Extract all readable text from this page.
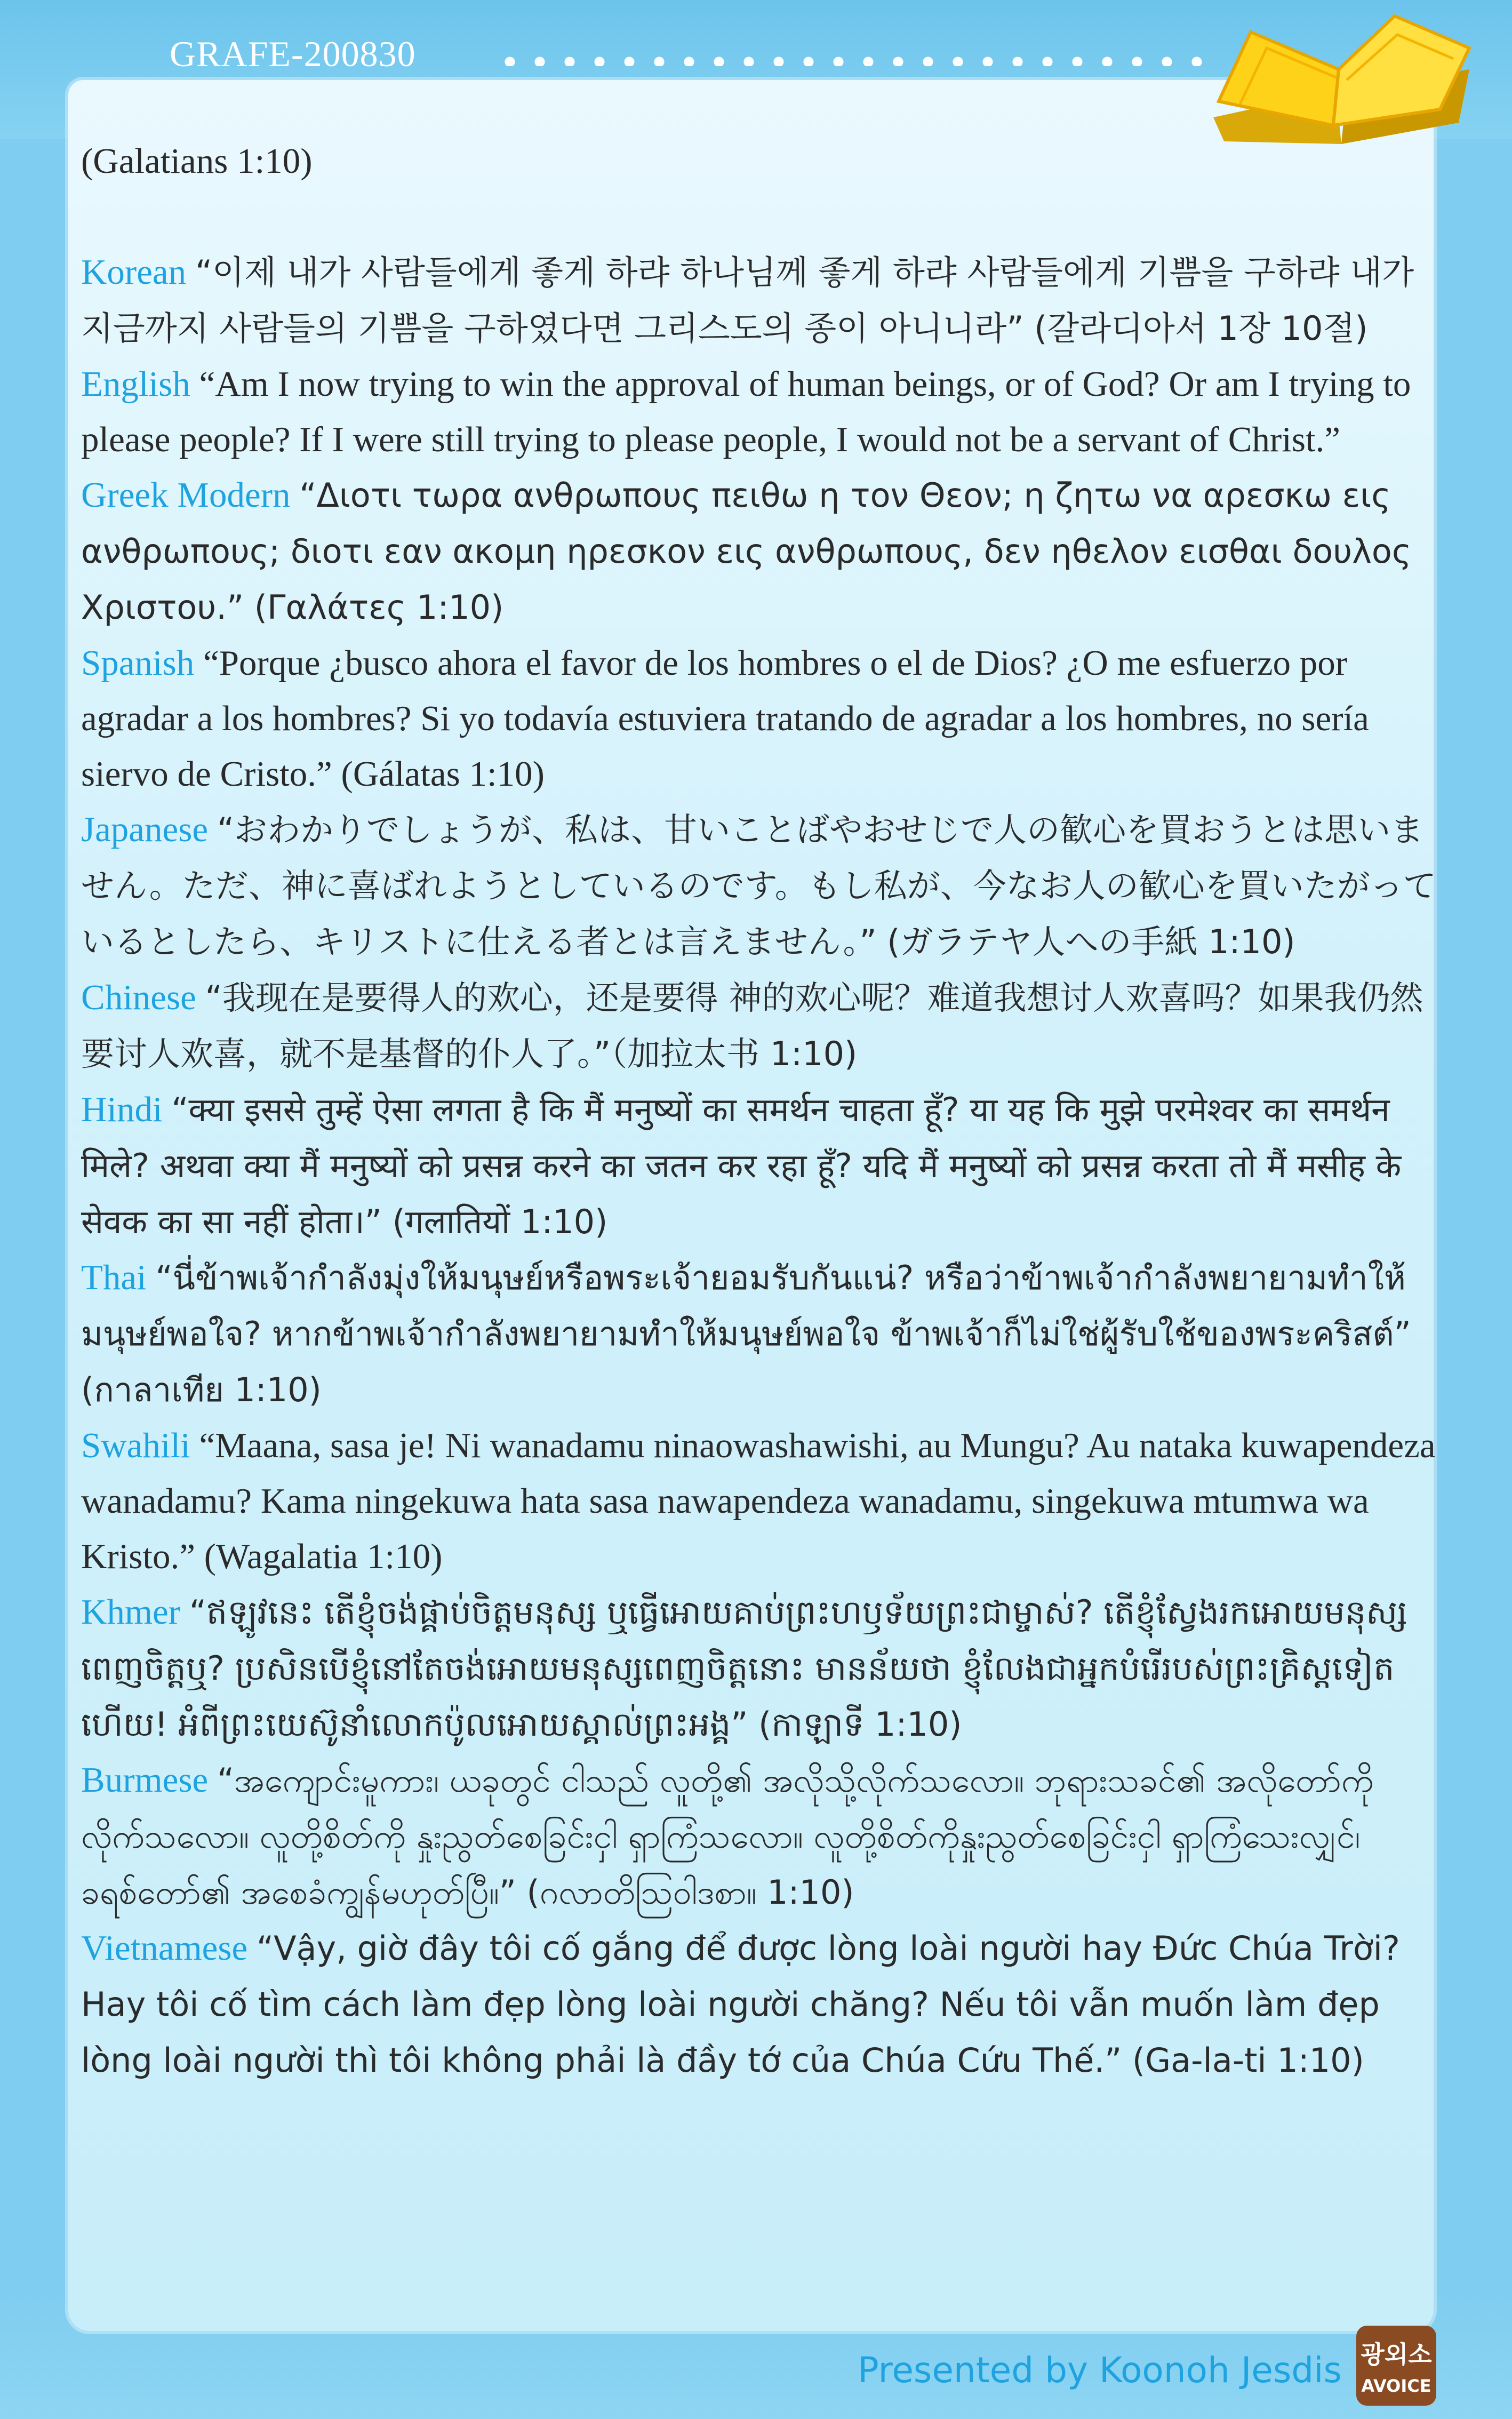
GRAFE-200830

(Galatians 1:10)

Korean “이제 내가 사람들에게 좋게 하랴 하나님께 좋게 하랴 사람들에게 기쁨을 구하랴 내가 지금까지 사람들의 기쁨을 구하였다면 그리스도의 종이 아니니라” (갈라디아서 1장 10절)

English “Am I now trying to win the approval of human beings, or of God? Or am I trying to please people? If I were still trying to please people, I would not be a servant of Christ.”

Greek Modern “Διοτι τωρα ανθρωπους πειθω η τον Θεον; η ζητω να αρεσκω εις ανθρωπους; διοτι εαν ακομη ηρεσκον εις ανθρωπους, δεν ηθελον εισθαι δουλος Χριστου.” (Γαλάτες 1:10)

Spanish “Porque ¿busco ahora el favor de los hombres o el de Dios? ¿O me esfuerzo por agradar a los hombres? Si yo todavía estuviera tratando de agradar a los hombres, no sería siervo de Cristo.” (Gálatas 1:10)

Japanese “おわかりでしょうが、私は、甘いことばやおせじで人の歓心を買おうとは思いません。ただ、神に喜ばれようとしているのです。もし私が、今なお人の歓心を買いたがっているとしたら、キリストに仕える者とは言えません。” (ガラテヤ人への手紙 1:10)

Chinese “我现在是要得人的欢心，还是要得 神的欢心呢？难道我想讨人欢喜吗？如果我仍然要讨人欢喜，就不是基督的仆人了。”（加拉太书 1:10)

Hindi “क्या इससे तुम्हें ऐसा लगता है कि मैं मनुष्यों का समर्थन चाहता हूँ? या यह कि मुझे परमेश्वर का समर्थन मिले? अथवा क्या मैं मनुष्यों को प्रसन्न करने का जतन कर रहा हूँ? यदि मैं मनुष्यों को प्रसन्न करता तो मैं मसीह के सेवक का सा नहीं होता।” (गलातियों 1:10)

Thai “นี่ข้าพเจ้ากำลังมุ่งให้มนุษย์หรือพระเจ้ายอมรับกันแน่? หรือว่าข้าพเจ้ากำลังพยายามทำให้มนุษย์พอใจ? หากข้าพเจ้ากำลังพยายามทำให้มนุษย์พอใจ ข้าพเจ้าก็ไม่ใช่ผู้รับใช้ของพระคริสต์” (กาลาเทีย 1:10)

Swahili “Maana, sasa je! Ni wanadamu ninaowashawishi, au Mungu? Au nataka kuwapendeza wanadamu? Kama ningekuwa hata sasa nawapendeza wanadamu, singekuwa mtumwa wa Kristo.” (Wagalatia 1:10)

Khmer “ឥឡូវនេះ តើខ្ញុំចង់ផ្គាប់ចិត្តមនុស្ស ឬធ្វើអោយគាប់ព្រះហឫទ័យព្រះជាម្ចាស់? តើខ្ញុំស្វែងរកអោយមនុស្សពេញចិត្តឬ? ប្រសិនបើខ្ញុំនៅតែចង់អោយមនុស្សពេញចិត្តនោះ មានន័យថា ខ្ញុំលែងជាអ្នកបំរើរបស់ព្រះគ្រិស្តទៀតហើយ! អំពីព្រះយេស៊ូនាំលោកប៉ូលអោយស្គាល់ព្រះអង្គ” (កាឡាទី 1:10)

Burmese “အကျောင်းမူကား၊ ယခုတွင် ငါသည် လူတို့၏ အလိုသို့လိုက်သလော။ ဘုရားသခင်၏ အလိုတော်ကို လိုက်သလော။ လူတို့စိတ်ကို နှုးညွတ်စေခြင်းငှါ ရှာကြံသလော။ လူတို့စိတ်ကိုနှုးညွတ်စေခြင်းငှါ ရှာကြံသေးလျှင်၊ ခရစ်တော်၏ အစေခံကျွန်မဟုတ်ပြီ။” (ဂလာတိဩဝါဒစာ။ 1:10)

Vietnamese “Vậy, giờ đây tôi cố gắng để được lòng loài người hay Đức Chúa Trời? Hay tôi cố tìm cách làm đẹp lòng loài người chăng? Nếu tôi vẫn muốn làm đẹp lòng loài người thì tôi không phải là đầy tớ của Chúa Cứu Thế.” (Ga-la-ti 1:10)

Presented by Koonoh Jesdis 광외소
AVOICE
